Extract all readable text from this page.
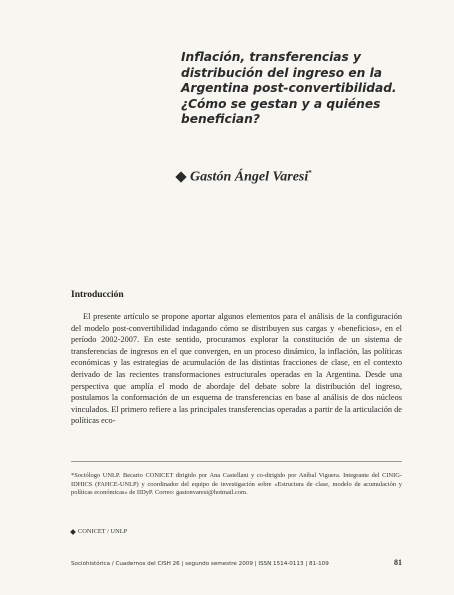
Inflación, transferencias y
distribución del ingreso en la
Argentina post-convertibilidad.
¿Cómo se gestan y a quiénes
benefician?
Gastón Ángel Varesi*
Introducción

El presente artículo se propone aportar algunos elementos para el análisis de la configuración del modelo post-convertibilidad indagando cómo se distribuyen sus cargas y «beneficios», en el período 2002-2007. En este sentido, procuramos explorar la constitución de un sistema de transferencias de ingresos en el que convergen, en un proceso dinámico, la inflación, las políticas económicas y las estrategias de acumulación de las distintas fracciones de clase, en el contexto derivado de las recientes transformaciones estructurales operadas en la Argentina. Desde una perspectiva que amplía el modo de abordaje del debate sobre la distribución del ingreso, postulamos la conformación de un esquema de transferencias en base al análisis de dos núcleos vinculados. El primero refiere a las principales transferencias operadas a partir de la articulación de políticas eco-

*Sociólogo UNLP. Becario CONICET dirigido por Ana Castellani y co-dirigido por Aníbal Viguera. Integrante del CINIG-IDHICS (FAHCE-UNLP) y coordinador del equipo de investigación sobre «Estructura de clase, modelo de acumulación y políticas económicas» de IIDyP. Correo: gastonvaresi@hotmail.com.

CONICET / UNLP
Sociohistórica / Cuadernos del CISH 26 | segundo semestre 2009 | ISSN 1514-0113 | 81-109	81
